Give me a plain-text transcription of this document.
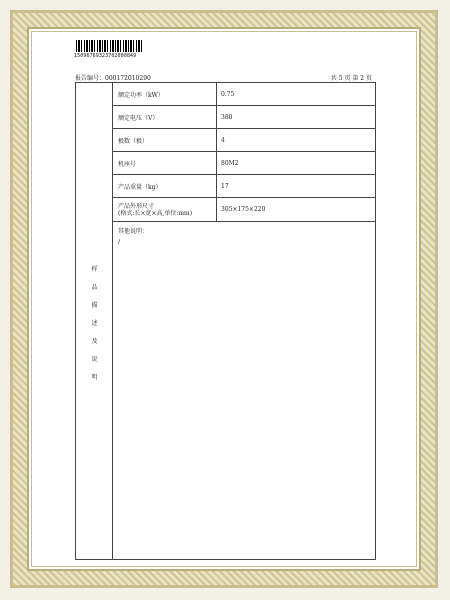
15096769323702000849
报告编号：000172010290	共 5 页 第 2 页
样
品
描
述
及
说
明
额定功率（kW）	0.75
额定电压（V）	380
极数（极）	4
机座号	80M2
产品重量（kg）	17
产品外形尺寸
(格式:长×宽×高,单位:mm)	305×175×220
其他说明：
/
